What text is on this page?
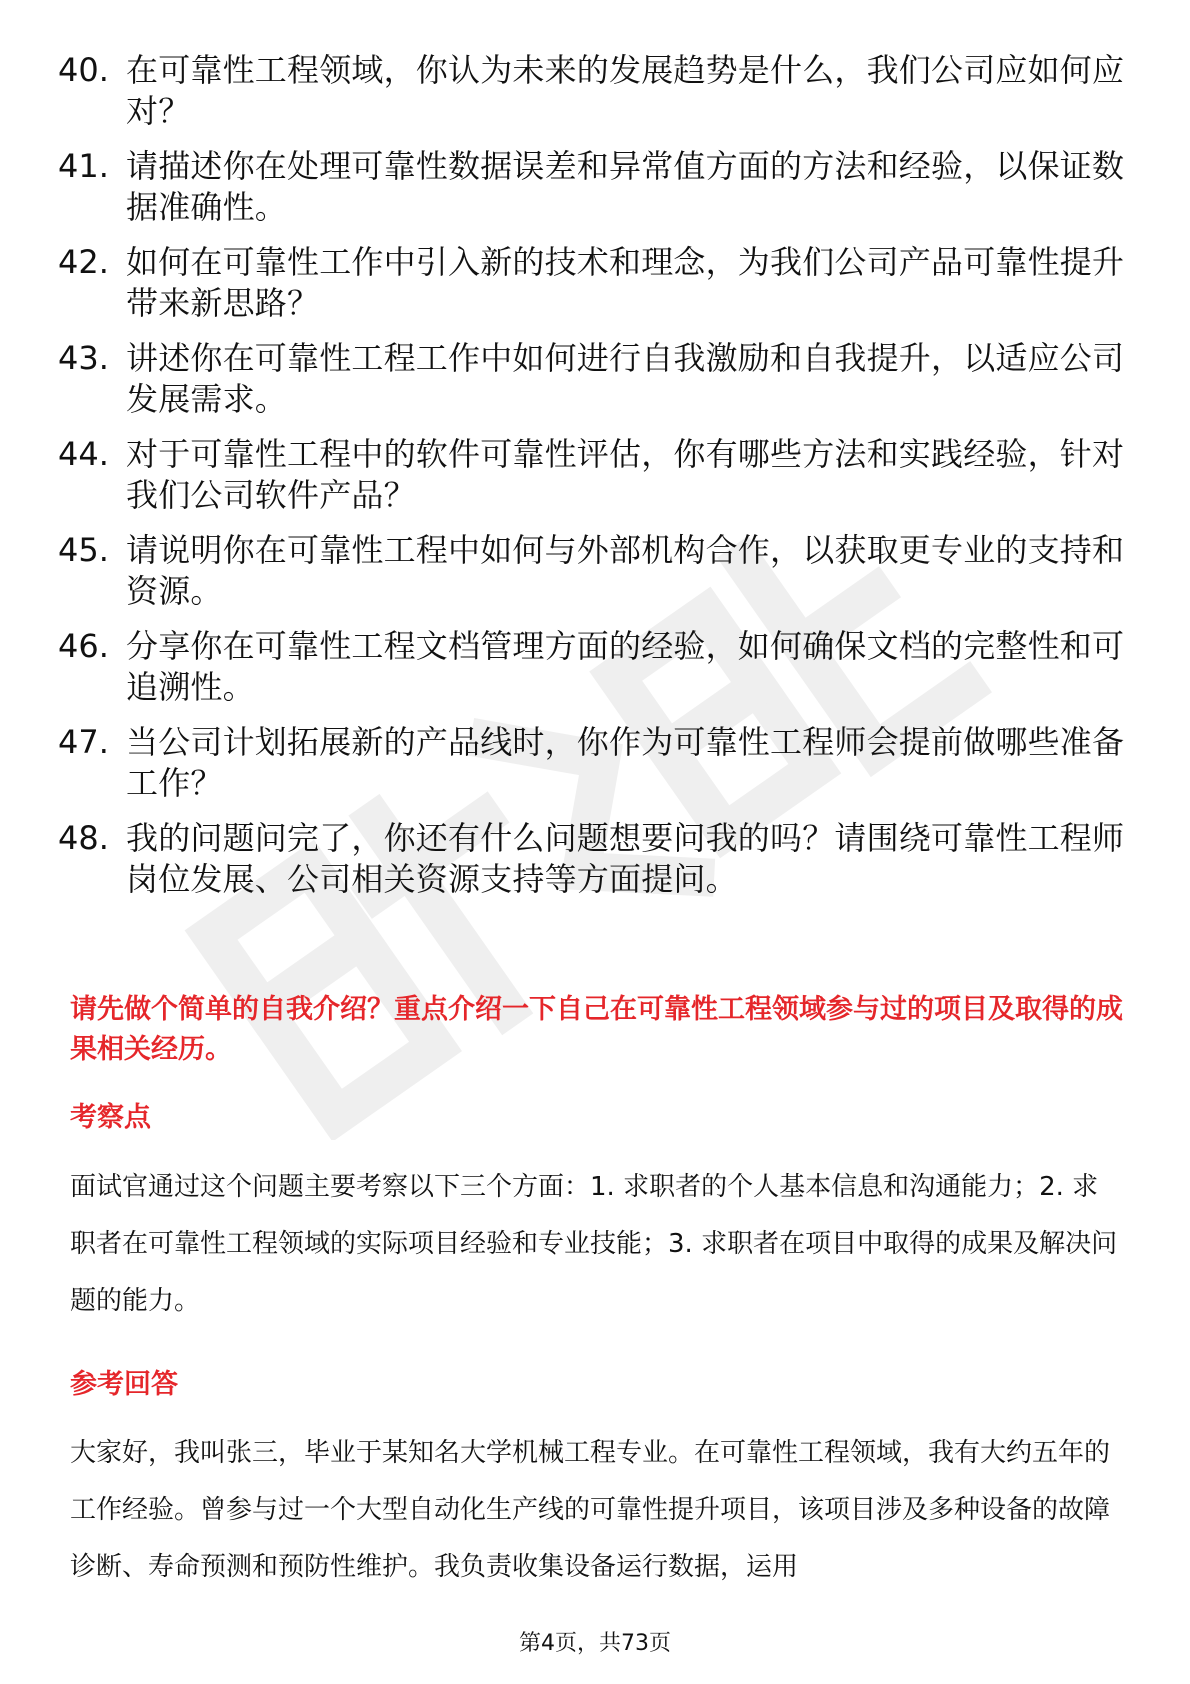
40. 在可靠性工程领域，你认为未来的发展趋势是什么，我们公司应如何应对？
41. 请描述你在处理可靠性数据误差和异常值方面的方法和经验，以保证数据准确性。
42. 如何在可靠性工作中引入新的技术和理念，为我们公司产品可靠性提升带来新思路？
43. 讲述你在可靠性工程工作中如何进行自我激励和自我提升，以适应公司发展需求。
44. 对于可靠性工程中的软件可靠性评估，你有哪些方法和实践经验，针对我们公司软件产品？
45. 请说明你在可靠性工程中如何与外部机构合作，以获取更专业的支持和资源。
46. 分享你在可靠性工程文档管理方面的经验，如何确保文档的完整性和可追溯性。
47. 当公司计划拓展新的产品线时，你作为可靠性工程师会提前做哪些准备工作？
48. 我的问题问完了，你还有什么问题想要问我的吗？请围绕可靠性工程师岗位发展、公司相关资源支持等方面提问。
请先做个简单的自我介绍？重点介绍一下自己在可靠性工程领域参与过的项目及取得的成果相关经历。
考察点
面试官通过这个问题主要考察以下三个方面：1. 求职者的个人基本信息和沟通能力；2. 求职者在可靠性工程领域的实际项目经验和专业技能；3. 求职者在项目中取得的成果及解决问题的能力。
参考回答
大家好，我叫张三，毕业于某知名大学机械工程专业。在可靠性工程领域，我有大约五年的工作经验。曾参与过一个大型自动化生产线的可靠性提升项目，该项目涉及多种设备的故障诊断、寿命预测和预防性维护。我负责收集设备运行数据，运用
第4页，共73页
